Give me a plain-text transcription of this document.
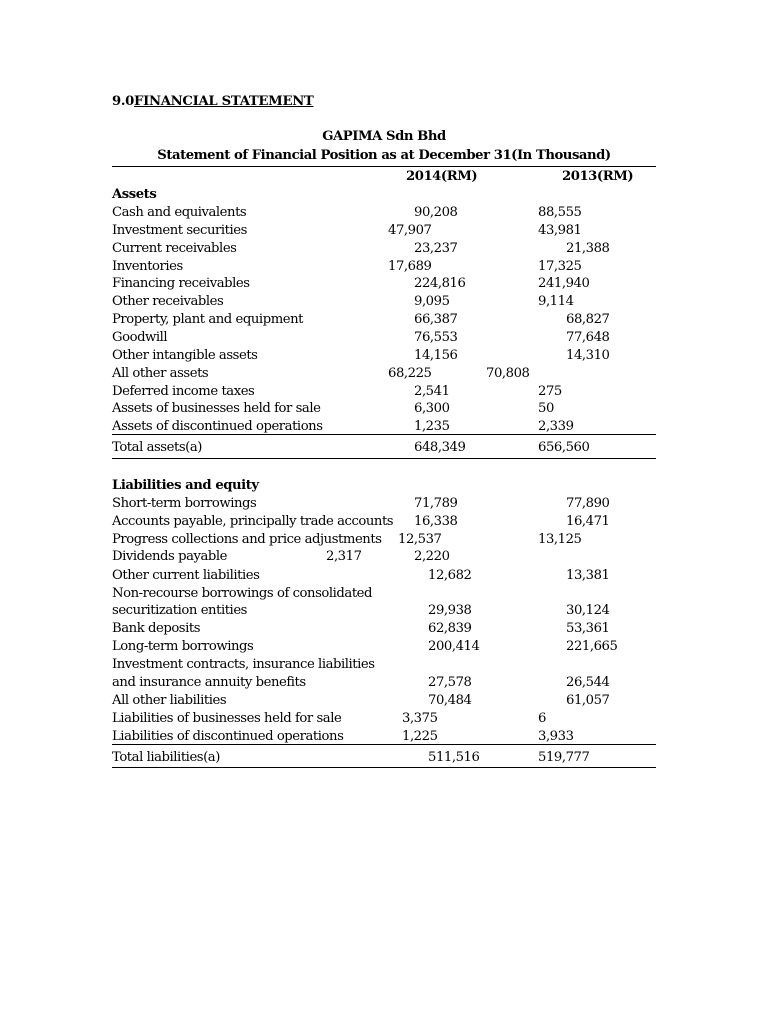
9.0FINANCIAL STATEMENT
GAPIMA Sdn Bhd
Statement of Financial Position as at December 31(In Thousand)
2014(RM)	2013(RM)
Assets
Cash and equivalents	90,208	88,555
Investment securities	47,907	43,981
Current receivables	23,237	21,388
Inventories	17,689	17,325
Financing receivables	224,816	241,940
Other receivables	9,095	9,114
Property, plant and equipment	66,387	68,827
Goodwill	76,553	77,648
Other intangible assets	14,156	14,310
All other assets	68,225	70,808
Deferred income taxes	2,541	275
Assets of businesses held for sale	6,300	50
Assets of discontinued operations	1,235	2,339
Total assets(a)	648,349	656,560
Liabilities and equity
Short-term borrowings	71,789	77,890
Accounts payable, principally trade accounts 16,338	16,471
Progress collections and price adjustments 12,537	13,125
Dividends payable	2,317	2,220
Other current liabilities	12,682	13,381
Non-recourse borrowings of consolidated
securitization entities	29,938	30,124
Bank deposits	62,839	53,361
Long-term borrowings	200,414	221,665
Investment contracts, insurance liabilities
and insurance annuity benefits	27,578	26,544
All other liabilities	70,484	61,057
Liabilities of businesses held for sale	3,375	6
Liabilities of discontinued operations	1,225	3,933
Total liabilities(a)	511,516	519,777
